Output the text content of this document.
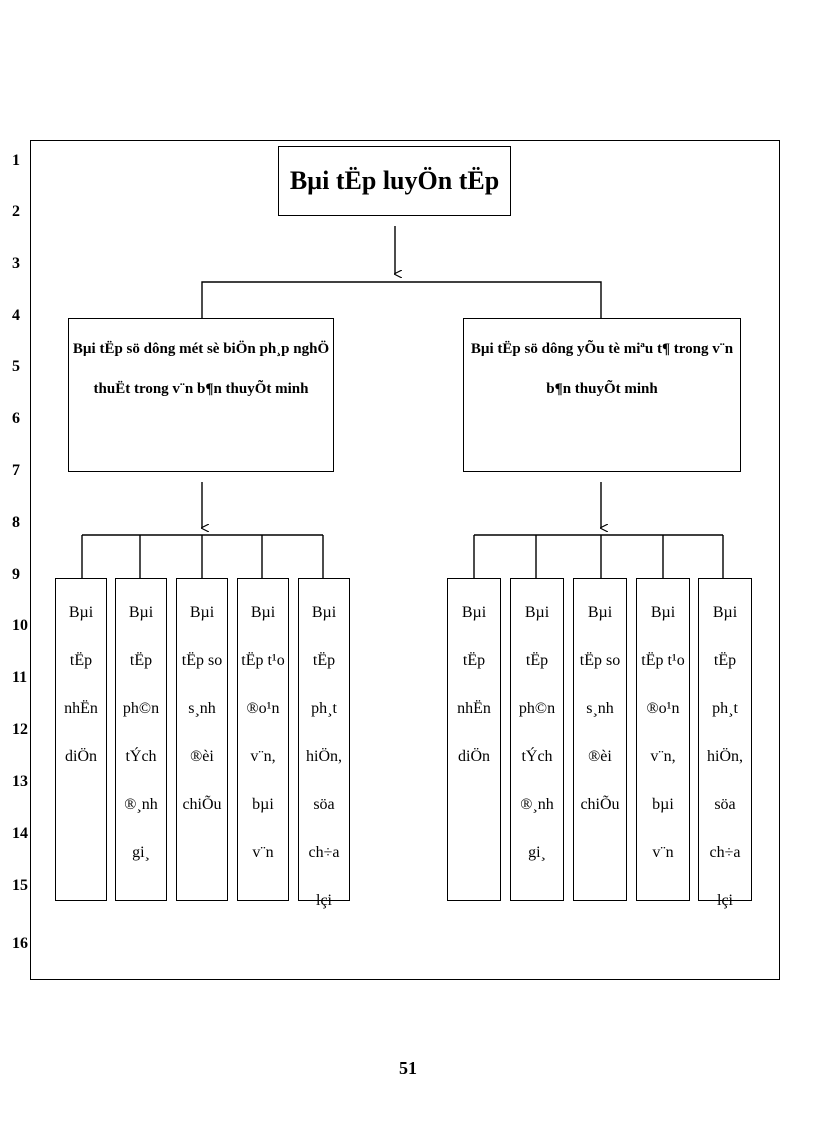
1
2
3
4
5
6
7
8
9
10
11
12
13
14
15
16
Bµi tËp luyÖn tËp

Bµi tËp sö dông mét sè biÖn ph¸p nghÖ

thuËt trong v¨n b¶n thuyÕt minh

Bµi tËp sö dông yÕu tè miªu t¶ trong v¨n

b¶n thuyÕt minh

Bµi

tËp

nhËn

diÖn

Bµi

tËp

ph©n

tÝch

®¸nh

gi¸

Bµi

tËp so

s¸nh

®èi

chiÕu

Bµi

tËp t¹o

®o¹n

v¨n,

bµi

v¨n

Bµi

tËp

ph¸t

hiÖn,

söa

ch÷a

lçi

Bµi

tËp

nhËn

diÖn

Bµi

tËp

ph©n

tÝch

®¸nh

gi¸

Bµi

tËp so

s¸nh

®èi

chiÕu

Bµi

tËp t¹o

®o¹n

v¨n,

bµi

v¨n

Bµi

tËp

ph¸t

hiÖn,

söa

ch÷a

lçi

51
